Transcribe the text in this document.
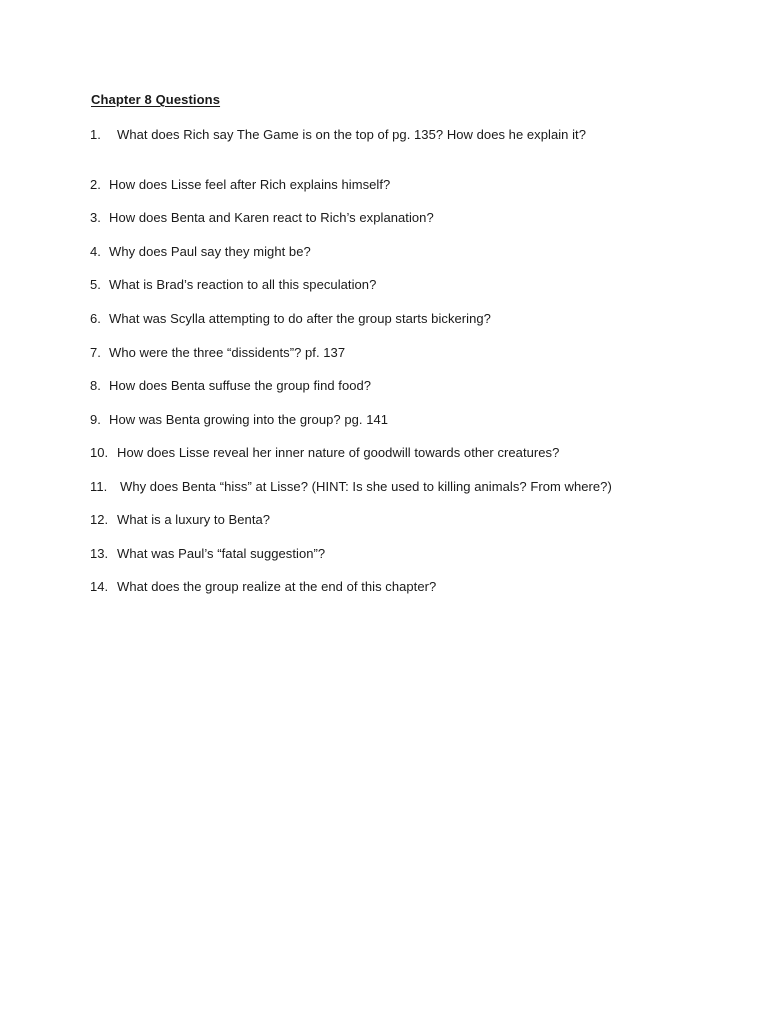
Chapter 8 Questions
1. What does Rich say The Game is on the top of pg. 135? How does he explain it?
2. How does Lisse feel after Rich explains himself?
3. How does Benta and Karen react to Rich’s explanation?
4. Why does Paul say they might be?
5. What is Brad’s reaction to all this speculation?
6. What was Scylla attempting to do after the group starts bickering?
7. Who were the three “dissidents”? pf. 137
8. How does Benta suffuse the group find food?
9. How was Benta growing into the group? pg. 141
10. How does Lisse reveal her inner nature of goodwill towards other creatures?
11. Why does Benta “hiss” at Lisse? (HINT: Is she used to killing animals? From where?)
12. What is a luxury to Benta?
13. What was Paul’s “fatal suggestion”?
14. What does the group realize at the end of this chapter?
